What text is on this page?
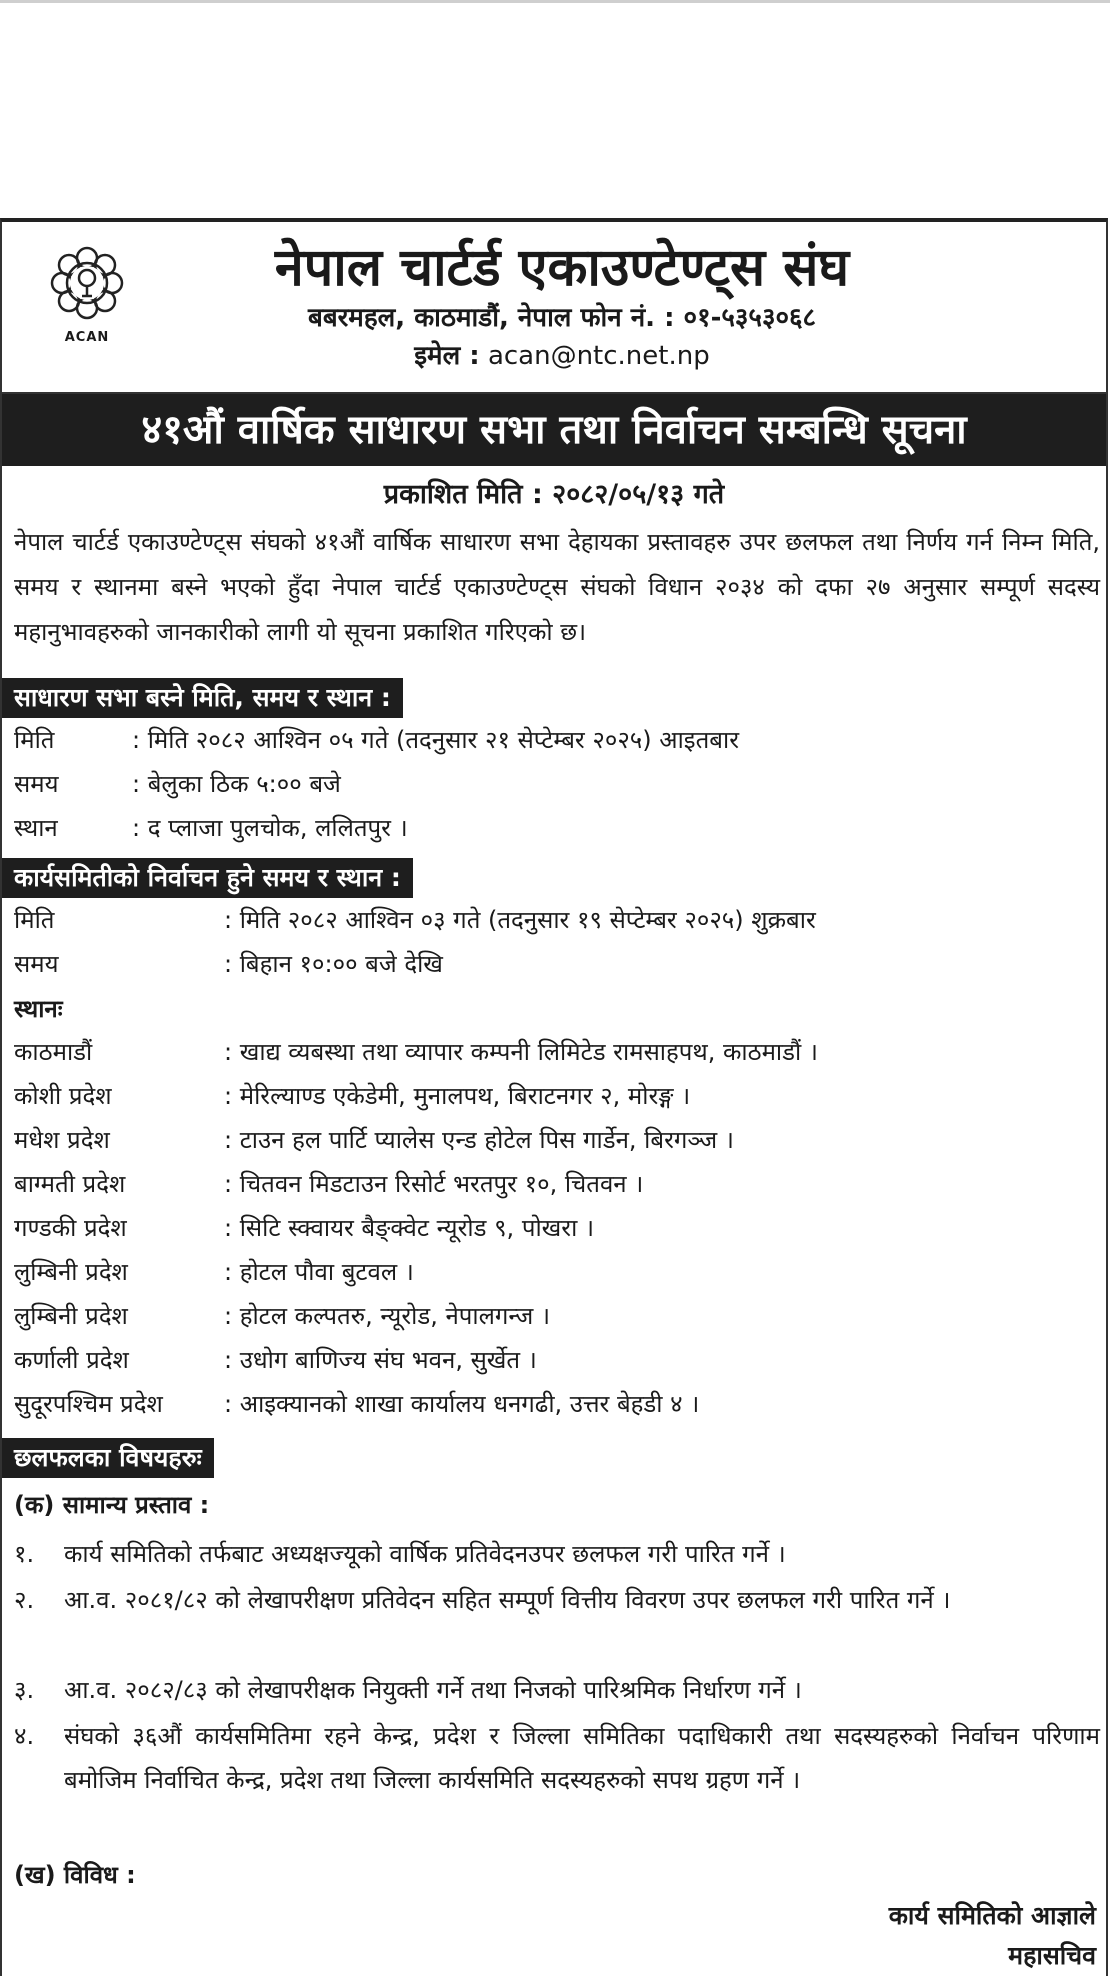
ACAN
नेपाल चार्टर्ड एकाउण्टेण्ट्स संघ
बबरमहल, काठमाडौं, नेपाल फोन नं. : ०१-५३५३०६८
इमेल : acan@ntc.net.np
४१औं वार्षिक साधारण सभा तथा निर्वाचन सम्बन्धि सूचना
प्रकाशित मिति : २०८२/०५/१३ गते
नेपाल चार्टर्ड एकाउण्टेण्ट्स संघको ४१औं वार्षिक साधारण सभा देहायका प्रस्तावहरु उपर छलफल तथा निर्णय गर्न निम्न मिति, समय र स्थानमा बस्ने भएको हुँदा नेपाल चार्टर्ड एकाउण्टेण्ट्स संघको विधान २०३४ को दफा २७ अनुसार सम्पूर्ण सदस्य महानुभावहरुको जानकारीको लागी यो सूचना प्रकाशित गरिएको छ।
साधारण सभा बस्ने मिति, समय र स्थान :
मिति	: मिति २०८२ आश्विन ०५ गते (तदनुसार २१ सेप्टेम्बर २०२५) आइतबार
समय	: बेलुका ठिक ५:०० बजे
स्थान	: द प्लाजा पुलचोक, ललितपुर ।
कार्यसमितीको निर्वाचन हुने समय र स्थान :
मिति	: मिति २०८२ आश्विन ०३ गते (तदनुसार १९ सेप्टेम्बर २०२५) शुक्रबार
समय	: बिहान १०:०० बजे देखि
स्थानः
काठमाडौं	: खाद्य व्यबस्था तथा व्यापार कम्पनी लिमिटेड रामसाहपथ, काठमाडौं ।
कोशी प्रदेश	: मेरिल्याण्ड एकेडेमी, मुनालपथ, बिराटनगर २, मोरङ्ग ।
मधेश प्रदेश	: टाउन हल पार्टि प्यालेस एन्ड होटेल पिस गार्डेन, बिरगञ्ज ।
बाग्मती प्रदेश	: चितवन मिडटाउन रिसोर्ट भरतपुर १०, चितवन ।
गण्डकी प्रदेश	: सिटि स्क्वायर बैङ्क्वेट न्यूरोड ९, पोखरा ।
लुम्बिनी प्रदेश	: होटल पौवा बुटवल ।
लुम्बिनी प्रदेश	: होटल कल्पतरु, न्यूरोड, नेपालगन्ज ।
कर्णाली प्रदेश	: उधोग बाणिज्य संघ भवन, सुर्खेत ।
सुदूरपश्चिम प्रदेश	: आइक्यानको शाखा कार्यालय धनगढी, उत्तर बेहडी ४ ।
छलफलका विषयहरुः
(क) सामान्य प्रस्ताव :
१. कार्य समितिको तर्फबाट अध्यक्षज्यूको वार्षिक प्रतिवेदनउपर छलफल गरी पारित गर्ने ।
२. आ.व. २०८१/८२ को लेखापरीक्षण प्रतिवेदन सहित सम्पूर्ण वित्तीय विवरण उपर छलफल गरी पारित गर्ने ।
३. आ.व. २०८२/८३ को लेखापरीक्षक नियुक्ती गर्ने तथा निजको पारिश्रमिक निर्धारण गर्ने ।
४. संघको ३६औं कार्यसमितिमा रहने केन्द्र, प्रदेश र जिल्ला समितिका पदाधिकारी तथा सदस्यहरुको निर्वाचन परिणाम बमोजिम निर्वाचित केन्द्र, प्रदेश तथा जिल्ला कार्यसमिति सदस्यहरुको सपथ ग्रहण गर्ने ।
(ख) विविध :
कार्य समितिको आज्ञाले
महासचिव
